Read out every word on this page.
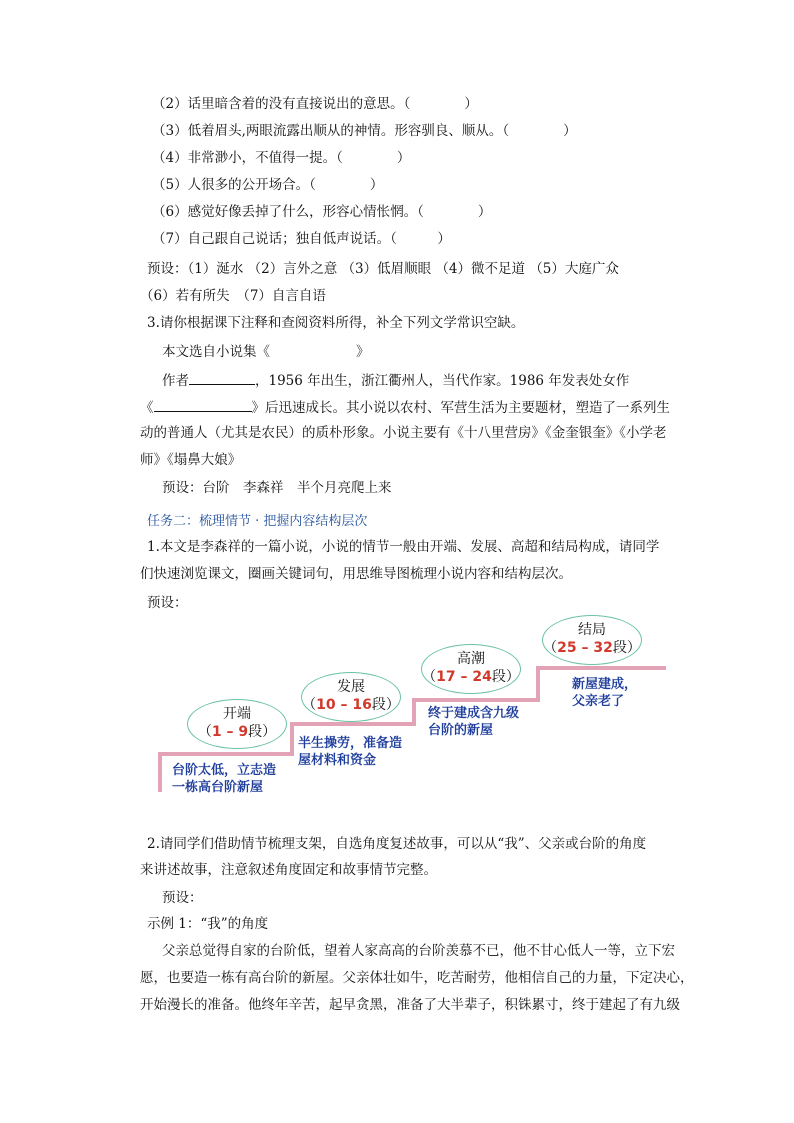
（2）话里暗含着的没有直接说出的意思。（　　　　）
（3）低着眉头,两眼流露出顺从的神情。形容驯良、顺从。（　　　　）
（4）非常渺小，不值得一提。（　　　　）
（5）人很多的公开场合。（　　　　）
（6）感觉好像丢掉了什么，形容心情怅惘。（　　　　）
（7）自己跟自己说话；独自低声说话。（　　　）
预设：（1）涎水 （2）言外之意 （3）低眉顺眼 （4）微不足道 （5）大庭广众
（6）若有所失　（7）自言自语
3.请你根据课下注释和查阅资料所得，补全下列文学常识空缺。
本文选自小说集《	》
作者	，1956 年出生，浙江衢州人，当代作家。1986 年发表处女作
《	》后迅速成长。其小说以农村、军营生活为主要题材，塑造了一系列生
动的普通人（尤其是农民）的质朴形象。小说主要有《十八里营房》《金奎银奎》《小学老
师》《塌鼻大娘》
预设：台阶　李森祥　半个月亮爬上来
任务二：梳理情节 · 把握内容结构层次
1.本文是李森祥的一篇小说，小说的情节一般由开端、发展、高超和结局构成，请同学
们快速浏览课文，圈画关键词句，用思维导图梳理小说内容和结构层次。
预设：
开端
（1 – 9段）
发展
（10 – 16段）
高潮
（17 – 24段）
结局
（25 – 32段）
台阶太低，立志造
一栋高台阶新屋
半生操劳，准备造
屋材料和资金
终于建成含九级
台阶的新屋
新屋建成，
父亲老了
2.请同学们借助情节梳理支架，自选角度复述故事，可以从“我”、父亲或台阶的角度
来讲述故事，注意叙述角度固定和故事情节完整。
预设：
示例 1：“我”的角度
父亲总觉得自家的台阶低，望着人家高高的台阶羡慕不已，他不甘心低人一等，立下宏
愿，也要造一栋有高台阶的新屋。父亲体壮如牛，吃苦耐劳，他相信自己的力量，下定决心，
开始漫长的准备。他终年辛苦，起早贪黑，准备了大半辈子，积铢累寸，终于建起了有九级
